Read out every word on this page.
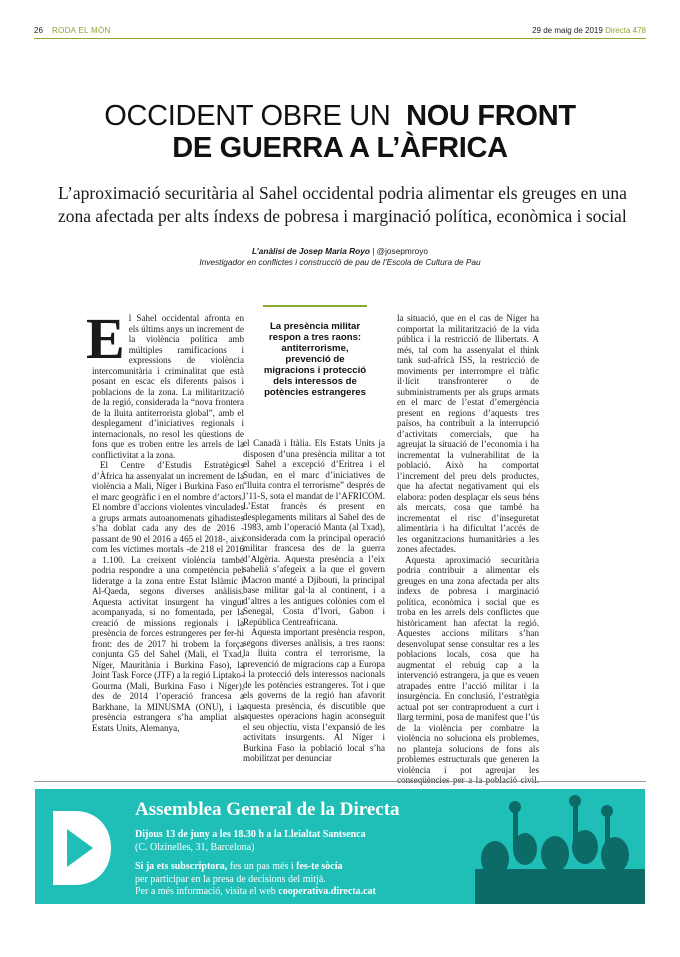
26 RODA EL MÓN	29 de maig de 2019 Directa 478
OCCIDENT OBRE UN NOU FRONT
DE GUERRA A L’ÀFRICA
L’aproximació securitària al Sahel occidental podria alimentar els greuges en una zona afectada per alts índexs de pobresa i marginació política, econòmica i social
L’anàlisi de Josep Maria Royo | @josepmroyo
Investigador en conflictes i construcció de pau de l’Escola de Cultura de Pau
E l Sahel occidental afronta en els últims anys un increment de la violència política amb múltiples ramificacions i expressions de violència intercomunitària i criminalitat que està posant en escac els diferents països i poblacions de la zona. La militarització de la regió, considerada la “nova frontera de la lluita antiterrorista global”, amb el desplegament d’iniciatives regionals i internacionals, no resol les qüestions de fons que es troben entre les arrels de la conflictivitat a la zona.

El Centre d’Estudis Estratègics d’Àfrica ha assenyalat un increment de la violència a Mali, Níger i Burkina Faso en el marc geogràfic i en el nombre d’actors. El nombre d’accions violentes vinculades a grups armats autoanomenats gihadistes s’ha doblat cada any des de 2016 -passant de 90 el 2016 a 465 el 2018-, així com les víctimes mortals -de 218 el 2016 a 1.100. La creixent violència també podria respondre a una competència pel lideratge a la zona entre Estat Islàmic i Al-Qaeda, segons diverses anàlisis. Aquesta activitat insurgent ha vingut acompanyada, si no fomentada, per la creació de missions regionals i la presència de forces estrangeres per fer-hi front: des de 2017 hi trobem la força conjunta G5 del Sahel (Mali, el Txad, Níger, Mauritània i Burkina Faso), la Joint Task Force (JTF) a la regió Liptako-Gourma (Mali, Burkina Faso i Níger), des de 2014 l’operació francesa a Barkhane, la MINUSMA (ONU), i la presència estrangera s’ha ampliat als Estats Units, Alemanya,

La presència militar respon a tres raons: antiterrorisme, prevenció de migracions i protecció dels interessos de potències estrangeres

el Canadà i Itàlia. Els Estats Units ja disposen d’una presència militar a tot el Sahel a excepció d’Eritrea i el Sudan, en el marc d’iniciatives de “lluita contra el terrorisme” després de l’11-S, sota el mandat de l’AFRICOM. L’Estat francès és present en desplegaments militars al Sahel des de 1983, amb l’operació Manta (al Txad), considerada com la principal operació militar francesa des de la guerra d’Algèria. Aquesta presència a l’eix sahelià s’afegeix a la que el govern Macron manté a Djibouti, la principal base militar gal·la al continent, i a d’altres a les antigues colònies com el Senegal, Costa d’Ivori, Gabon i República Centreafricana.

Aquesta important presència respon, segons diverses anàlisis, a tres raons: la lluita contra el terrorisme, la prevenció de migracions cap a Europa i la protecció dels interessos nacionals de les potències estrangeres. Tot i que els governs de la regió han afavorit aquesta presència, és discutible que aquestes operacions hagin aconseguit el seu objectiu, vista l’expansió de les activitats insurgents. Al Níger i Burkina Faso la població local s’ha mobilitzat per denunciar

la situació, que en el cas de Níger ha comportat la militarització de la vida pública i la restricció de llibertats. A més, tal com ha assenyalat el think tank sud-africà ISS, la restricció de moviments per interrompre el tràfic il·lícit transfronterer o de subministraments per als grups armats en el marc de l’estat d’emergència present en regions d’aquests tres països, ha contribuït a la interrupció d’activitats comercials, que ha agreujat la situació de l’economia i ha incrementat la vulnerabilitat de la població. Això ha comportat l’increment del preu dels productes, que ha afectat negativament qui els elabora: poden desplaçar els seus béns als mercats, cosa que també ha incrementat el risc d’inseguretat alimentària i ha dificultat l’accés de les organitzacions humanitàries a les zones afectades.

Aquesta aproximació securitària podria contribuir a alimentar els greuges en una zona afectada per alts índexs de pobresa i marginació política, econòmica i social que es troba en les arrels dels conflictes que històricament han afectat la regió. Aquestes accions militars s’han desenvolupat sense consultar res a les poblacions locals, cosa que ha augmentat el rebuig cap a la intervenció estrangera, ja que es veuen atrapades entre l’acció militar i la insurgència. En conclusió, l’estratègia actual pot ser contraproduent a curt i llarg termini, posa de manifest que l’ús de la violència per combatre la violència no soluciona els problemes, no planteja solucions de fons als problemes estructurals que generen la violència i pot agreujar les conseqüències per a la població civil.

Assemblea General de la Directa
Dijous 13 de juny a les 18.30 h a la Lleialtat Santsenca
(C. Olzinelles, 31, Barcelona)
Si ja ets subscriptora, fes un pas més i fes-te sòcia
per participar en la presa de decisions del mitjà.
Per a més informació, visita el web cooperativa.directa.cat
